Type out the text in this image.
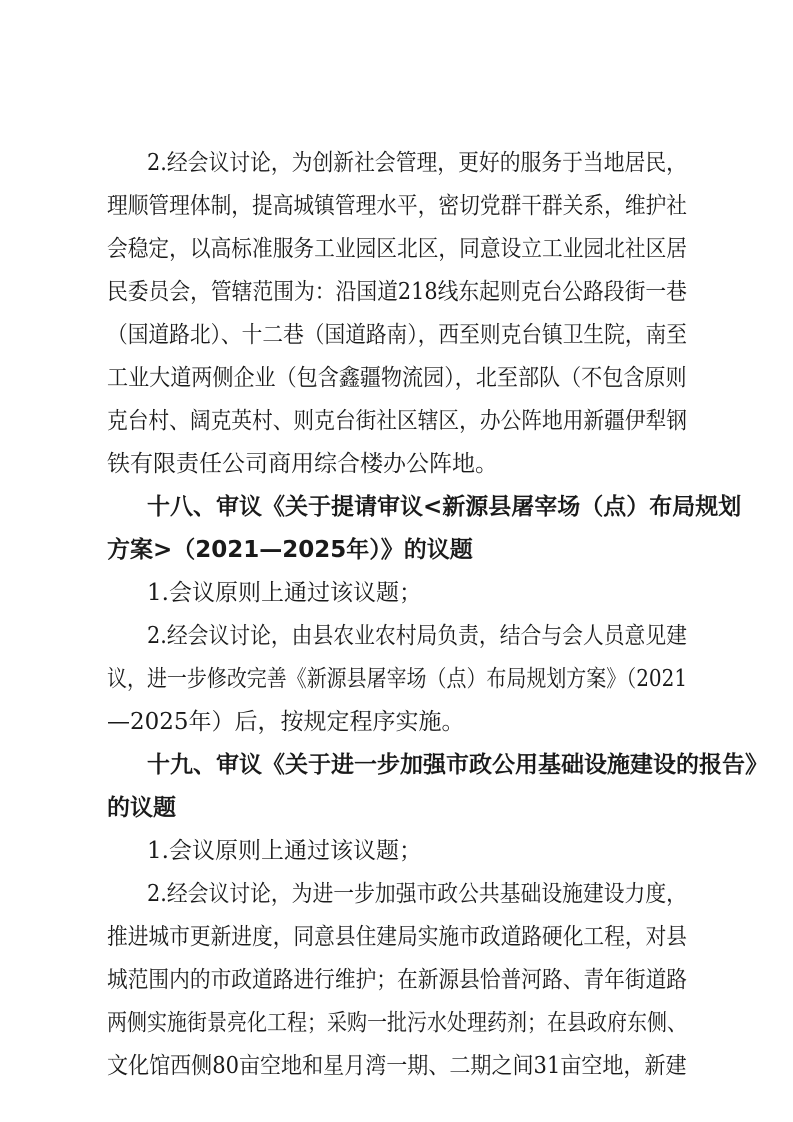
2.经会议讨论，为创新社会管理，更好的服务于当地居民，
理顺管理体制，提高城镇管理水平，密切党群干群关系，维护社
会稳定，以高标准服务工业园区北区，同意设立工业园北社区居
民委员会，管辖范围为：沿国道218线东起则克台公路段街一巷
（国道路北）、十二巷（国道路南），西至则克台镇卫生院，南至
工业大道两侧企业（包含鑫疆物流园），北至部队（不包含原则
克台村、阔克英村、则克台街社区辖区，办公阵地用新疆伊犁钢
铁有限责任公司商用综合楼办公阵地。
十八、审议《关于提请审议<新源县屠宰场（点）布局规划
方案>（2021—2025年）》的议题
1.会议原则上通过该议题；
2.经会议讨论，由县农业农村局负责，结合与会人员意见建
议，进一步修改完善《新源县屠宰场（点）布局规划方案》（2021
—2025年）后，按规定程序实施。
十九、审议《关于进一步加强市政公用基础设施建设的报告》
的议题
1.会议原则上通过该议题；
2.经会议讨论，为进一步加强市政公共基础设施建设力度，
推进城市更新进度，同意县住建局实施市政道路硬化工程，对县
城范围内的市政道路进行维护；在新源县恰普河路、青年街道路
两侧实施街景亮化工程；采购一批污水处理药剂；在县政府东侧、
文化馆西侧80亩空地和星月湾一期、二期之间31亩空地，新建
